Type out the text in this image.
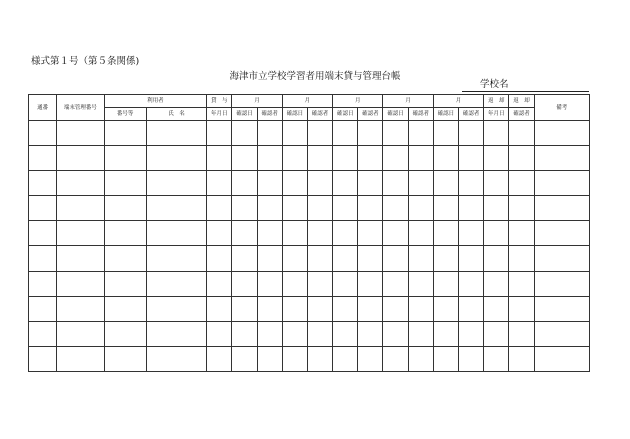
様式第１号（第５条関係)
海津市立学校学習者用端末貸与管理台帳
学校名
通番	端末管理番号	利用者		貸　与	月		月		月		月		月		返　却	返　却	備考
		番号等	氏　名	年月日	確認日	確認者	確認日	確認者	確認日	確認者	確認日	確認者	確認日	確認者	年月日	確認者	
